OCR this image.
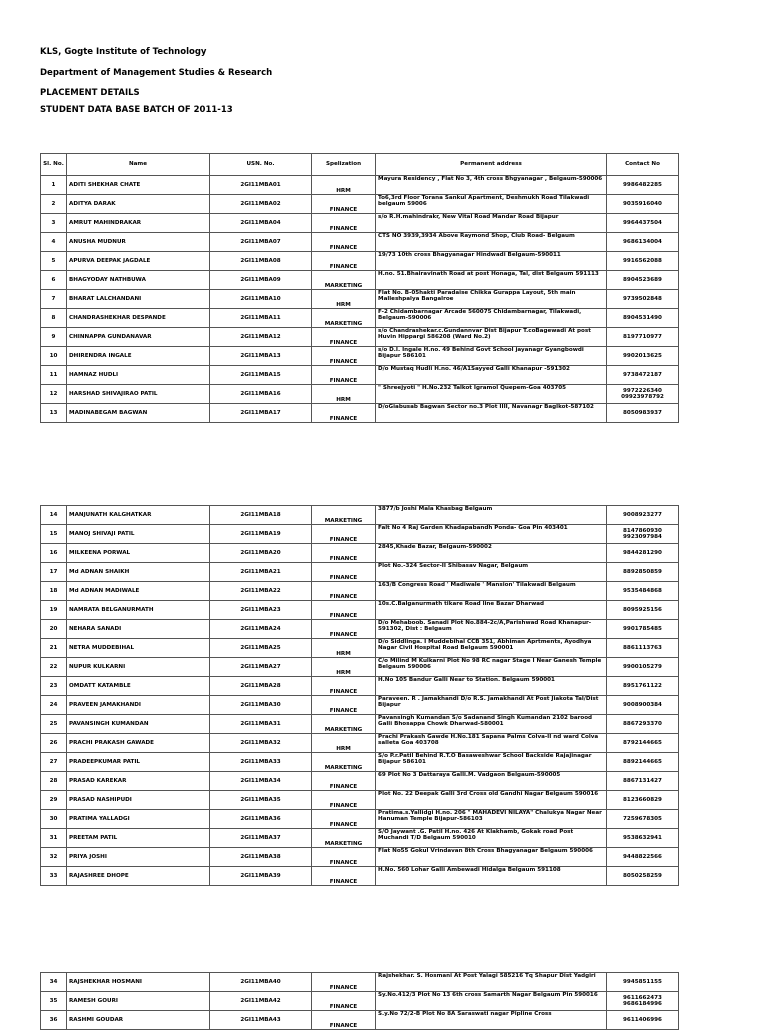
KLS, Gogte Institute of Technology
Department of Management Studies & Research
PLACEMENT DETAILS
STUDENT DATA BASE BATCH OF 2011-13
Sl. No.	Name	USN. No.	Spelization	Permanent address	Contact No
1	ADITI SHEKHAR CHATE	2GI11MBA01	HRM	Mayura Residency , Flat No 3, 4th cross Bhgyanagar , Belgaum-590006	9986482285
2	ADITYA DARAK	2GI11MBA02	FINANCE	To6,3rd Floor Torana Sankul Apartment, Deshmukh Road Tilakwadi belgaum 59006	9035916040
3	AMRUT MAHINDRAKAR	2GI11MBA04	FINANCE	s/o R.H.mahindrakr, New Vital Road Mandar Road Bijapur	9964437504
4	ANUSHA MUDNUR	2GI11MBA07	FINANCE	CTS NO 3939,3934 Above Raymond Shop, Club Road- Belgaum	9686134004
5	APURVA DEEPAK JAGDALE	2GI11MBA08	FINANCE	19/73 10th cross Bhagyanagar Hindwadi Belgaum-590011	9916562088
6	BHAGYODAY NATHBUWA	2GI11MBA09	MARKETING	H.no. 51.Bhairavinath Road at post Honaga, Tal, dist Belgaum 591113	8904523689
7	BHARAT LALCHANDANI	2GI11MBA10	HRM	Flat No. B-05hakti Paradaise Chikka Gurappa Layout, 5th main Malleshpalya Bangalroe	9739502848
8	CHANDRASHEKHAR DESPANDE	2GI11MBA11	MARKETING	F-2 Chidambarnagar Arcade 560075 Chidambarnagar, Tilakwadi, Belgaum-590006	8904531490
9	CHINNAPPA GUNDANAVAR	2GI11MBA12	FINANCE	s/o Chandrashekar.c.Gundannvar Dist Bijapur T.coBagewadi At post Huvin Hippargi 586208 (Ward No.2)	8197710977
10	DHIRENDRA INGALE	2GI11MBA13	FINANCE	s/o D.I. Ingale H.no. 49 Behind Govt School jayanagr Gyangbowdi Bijapur 586101	9902013625
11	HAMNAZ HUDLI	2GI11MBA15	FINANCE	D/o Mustaq Hudli H.no. 46/A1Sayyed Galli Khanapur -591302	9738472187
12	HARSHAD SHIVAJIRAO PATIL	2GI11MBA16	HRM	" Shreejyoti " H.No.232 Talkot Igramol Quepem-Goa 403705	9972226340
09923978792

13	MADINABEGAM BAGWAN	2GI11MBA17	FINANCE	D/oGiabusab Bagwan Sector no.3 Plot IIII, Navanagr Baglkot-587102	8050983937
14	MANJUNATH KALGHATKAR	2GI11MBA18	MARKETING	3877/b Joshi Mala Khasbag Belgaum	9008923277
15	MANOJ SHIVAJI PATIL	2GI11MBA19	FINANCE	Falt No 4 Raj Garden Khadapabandh Ponda- Goa Pin 403401	8147860930
9923097984

16	MILKEENA PORWAL	2GI11MBA20	FINANCE	2845,Khade Bazar, Belgaum-590002	9844281290
17	Md ADNAN SHAIKH	2GI11MBA21	FINANCE	Plot No.-324 Sector-II Shibasav Nagar, Belgaum	8892850859
18	Md ADNAN MADIWALE	2GI11MBA22	FINANCE	163/B Congress Road ' Madiwale ' Mansion' Tilakwadi Belgaum	9535484868
19	NAMRATA BELGANURMATH	2GI11MBA23	FINANCE	10s.C.Balganurmath tikare Road line Bazar Dharwad	8095925156
20	NEHARA SANADI	2GI11MBA24	FINANCE	D/o Mehaboob. Sanadi Plot No.884-2c/A,Parishwad Road Khanapur-591302, Dist : Belgaum	9901785485
21	NETRA MUDDEBIHAL	2GI11MBA25	HRM	D/o Siddlinga. I Muddebihal CCB 351, Abhiman Aprtments, Ayodhya Nagar Civil Hospital Road Belgaum 590001	8861113763
22	NUPUR KULKARNI	2GI11MBA27	HRM	C/o Milind M Kulkarni Plot No 98 RC nagar Stage I Near Ganesh Temple Belgaum 590006	9900105279
23	OMDATT KATAMBLE	2GI11MBA28	FINANCE	H.No 105 Bandur Galli Near to Station. Belgaum 590001	8951761122
24	PRAVEEN JAMAKHANDI	2GI11MBA30	FINANCE	Paraveen. R . Jamakhandi D/o R.S. Jamakhandi At Post Jiakota Tal/Dist Bijapur	9008900384
25	PAVANSINGH KUMANDAN	2GI11MBA31	MARKETING	Pavansingh Kumandan S/o Sadanand Singh Kumandan 2102 barood Galli Bhosappa Chowk Dharwad-580001	8867293370
26	PRACHI PRAKASH GAWADE	2GI11MBA32	HRM	Prachi Prakash Gawde H.No.181 Sapana Palms Colva-II nd ward Colva salleta Goa 403708	8792144665
27	PRADEEPKUMAR PATIL	2GI11MBA33	MARKETING	S/o P.r.Patil Behind R.T.O Basaweshwar School Backside Rajajinagar Bijapur 586101	8892144665
28	PRASAD KAREKAR	2GI11MBA34	FINANCE	69 Plot No 3 Dattaraya Galli.M. Vadgaon Belgaum-590005	8867131427
29	PRASAD NASHIPUDI	2GI11MBA35	FINANCE	Plot No. 22 Deepak Galli 3rd Cross old Gandhi Nagar Belgaum 590016	8123660829
30	PRATIMA YALLADGI	2GI11MBA36	FINANCE	Pratima.s.Yallidgi H.no. 206 " MAHADEVI NILAYA" Chalukya Nagar Near Hanuman Temple Bijapur-586103	7259678305
31	PREETAM PATIL	2GI11MBA37	MARKETING	S/O Jaywant .G. Patil H.no. 426 At Klakhamb, Gokak road Post Muchandi T/D Belgaum 590010	9538632941
32	PRIYA JOSHI	2GI11MBA38	FINANCE	Flat No55 Gokul Vrindavan 8th Cross Bhagyanagar Belgaum 590006	9448822566
33	RAJASHREE DHOPE	2GI11MBA39	FINANCE	H.No. 560 Lohar Galli Ambewadi Hidalga Belgaum 591108	8050258259
34	RAJSHEKHAR HOSMANI	2GI11MBA40	FINANCE	Rajshekhar. S. Hosmani At Post Yalagi 585216 Tq Shapur Dist Yadgiri	9945851155
35	RAMESH GOURI	2GI11MBA42	FINANCE	Sy.No.412/3 Plot No 13 6th cross Samarth Nagar Belgaum Pin 590016	9611662473
9686184996

36	RASHMI GOUDAR	2GI11MBA43	FINANCE	S.y.No 72/2-B Plot No 8A Saraswati nagar Pipline Cross	9611406996
